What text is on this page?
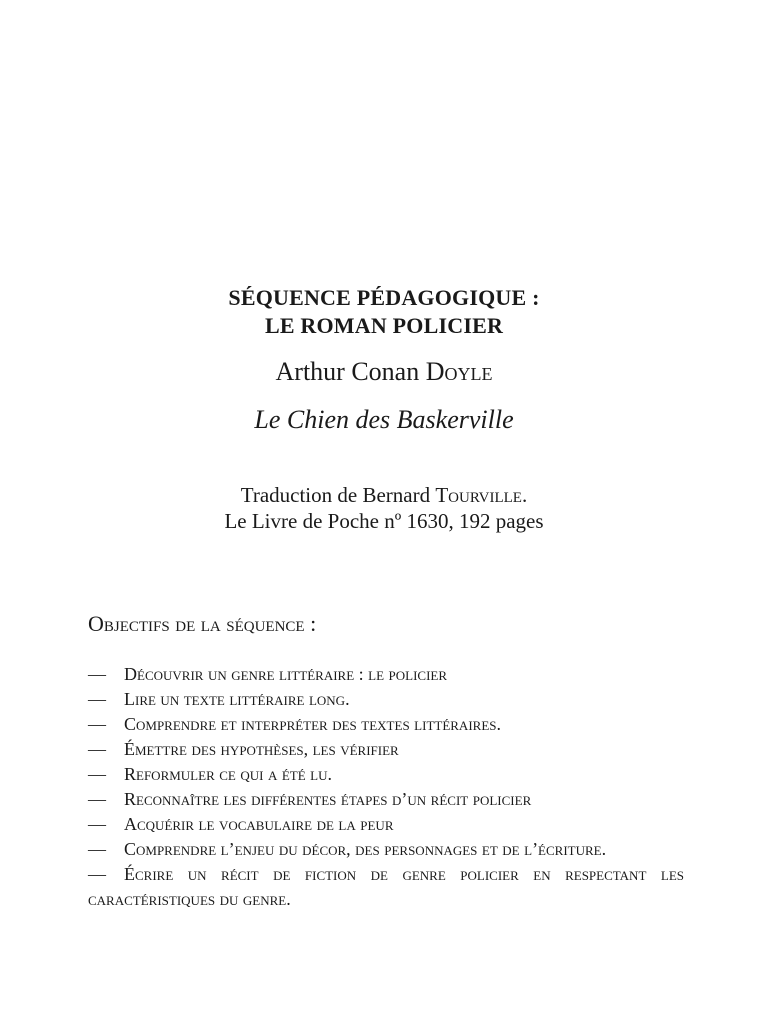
SÉQUENCE PÉDAGOGIQUE :
LE ROMAN POLICIER
Arthur Conan Doyle
Le Chien des Baskerville
Traduction de Bernard Tourville.
Le Livre de Poche nº 1630, 192 pages
Objectifs de la séquence :
— Découvrir un genre littéraire : le policier
— Lire un texte littéraire long.
— Comprendre et interpréter des textes littéraires.
— Émettre des hypothèses, les vérifier
— Reformuler ce qui a été lu.
— Reconnaître les différentes étapes d’un récit policier
— Acquérir le vocabulaire de la peur
— Comprendre l’enjeu du décor, des personnages et de l’écriture.
— Écrire un récit de fiction de genre policier en respectant les caractéristiques du genre.
